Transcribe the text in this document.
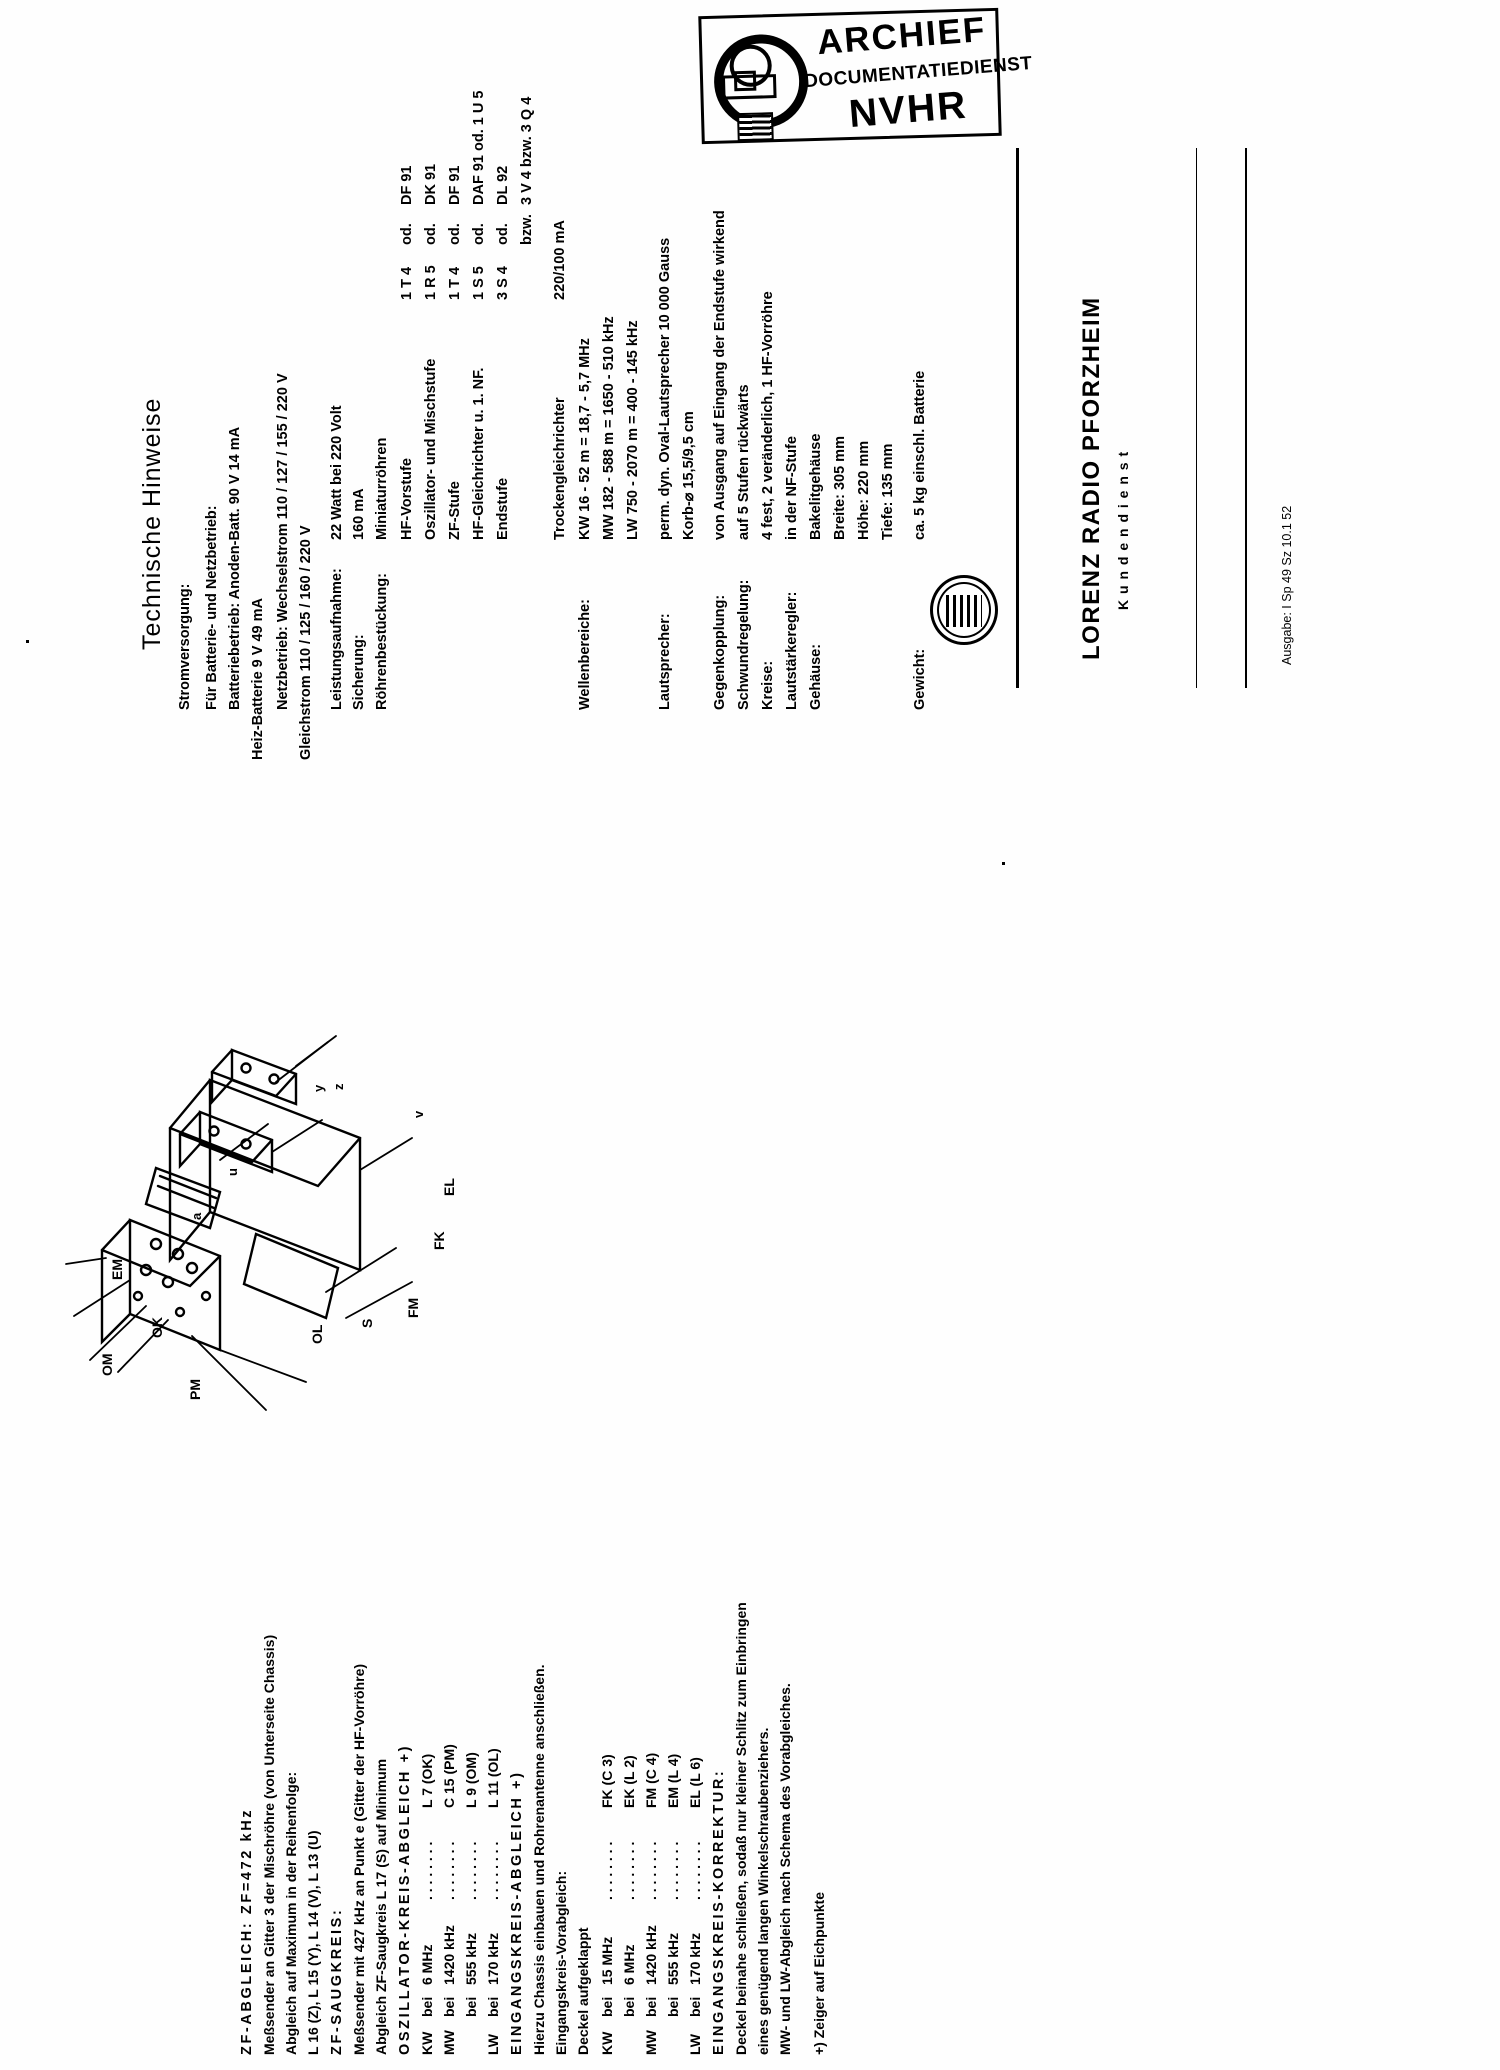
ARCHIEF
DOCUMENTATIEDIENST
NVHR
Technische Hinweise Stromversorgung: Für Batterie- und Netzbetrieb: Batteriebetrieb: Anoden-Batt. 90 V 14 mA Heiz-Batterie 9 V 49 mA Netzbetrieb: Wechselstrom 110 / 127 / 155 / 220 V Gleichstrom 110 / 125 / 160 / 220 V Leistungsaufnahme:
22 Watt bei 220 Volt
Sicherung:
160 mA
Röhrenbestückung:
Miniaturröhren HF-Vorstufe
1 T 4
od.
DF 91
Oszillator- und Mischstufe
1 R 5
od.
DK 91
ZF-Stufe
1 T 4
od.
DF 91
HF-Gleichrichter u. 1. NF.
1 S 5
od.
DAF 91 od. 1 U 5
Endstufe
3 S 4
od.
DL 92
bzw.
3 V 4 bzw. 3 Q 4
Trockengleichrichter
220/100 mA
Wellenbereiche:
KW 16 - 52 m = 18,7 - 5,7 MHz MW 182 - 588 m = 1650 - 510 kHz LW 750 - 2070 m = 400 - 145 kHz
Lautsprecher:
perm. dyn. Oval-Lautsprecher 10 000 Gauss Korb-⌀ 15,5/9,5 cm
Gegenkopplung:
von Ausgang auf Eingang der Endstufe wirkend
Schwundregelung:
auf 5 Stufen rückwärts
Kreise:
4 fest, 2 veränderlich, 1 HF-Vorröhre
Lautstärkeregler:
in der NF-Stufe
Gehäuse:
Bakelitgehäuse Breite: 305 mm Höhe: 220 mm Tiefe: 135 mm
Gewicht:
ca. 5 kg einschl. Batterie	LORENZ RADIO PFORZHEIM K u n d e n d i e n s t	Ausgabe: I Sp 49 Sz 10.1 52
z
y
v
u
a
EL
EM
FK
FM
OK
OM
OL
S
PM
ZF-ABGLEICH: ZF=472 kHz Meßsender an Gitter 3 der Mischröhre (von Unterseite Chassis) Abgleich auf Maximum in der Reihenfolge: L 16 (Z), L 15 (Y), L 14 (V), L 13 (U) ZF-SAUGKREIS: Meßsender mit 427 kHz an Punkt e (Gitter der HF-Vorröhre) Abgleich ZF-Saugkreis L 17 (S) auf Minimum OSZILLATOR-KREIS-ABGLEICH +) KW
bei
6 MHz
. . . . . . . .
L 7 (OK)
MW
bei
1420 kHz
. . . . . . . .
C 15 (PM)
bei
555 kHz
. . . . . . . .
L 9 (OM)
LW
bei
170 kHz
. . . . . . . .
L 11 (OL) EINGANGSKREIS-ABGLEICH +) Hierzu Chassis einbauen und Rohrenantenne anschließen. Eingangskreis-Vorabgleich: Deckel aufgeklappt KW
bei
15 MHz
. . . . . . . .
FK (C 3)
bei
6 MHz
. . . . . . . .
EK (L 2)
MW
bei
1420 kHz
. . . . . . . .
FM (C 4)
bei
555 kHz
. . . . . . . .
EM (L 4)
LW
bei
170 kHz
. . . . . . . .
EL (L 6) EINGANGSKREIS-KORREKTUR: Deckel beinahe schließen, sodaß nur kleiner Schlitz zum Einbringen eines genügend langen Winkelschraubenziehers. MW- und LW-Abgleich nach Schema des Vorabgleiches. +) Zeiger auf Eichpunkte
